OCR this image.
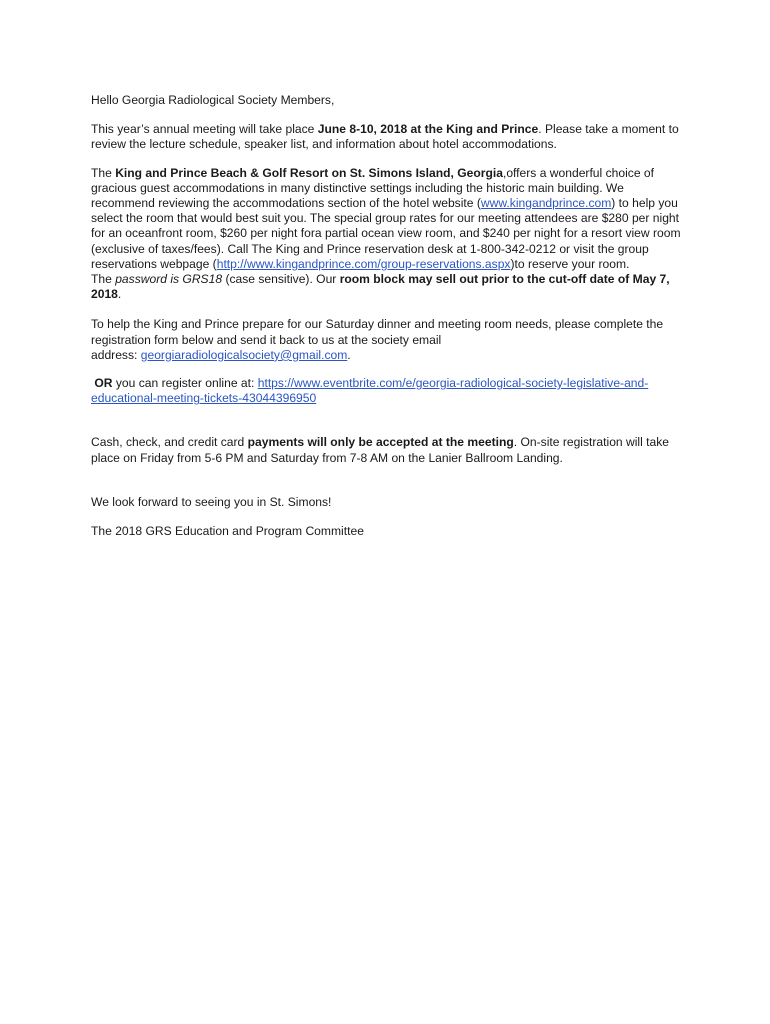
Hello Georgia Radiological Society Members,

This year’s annual meeting will take place June 8-10, 2018 at the King and Prince. Please take a moment to review the lecture schedule, speaker list, and information about hotel accommodations.

The King and Prince Beach & Golf Resort on St. Simons Island, Georgia,offers a wonderful choice of gracious guest accommodations in many distinctive settings including the historic main building. We recommend reviewing the accommodations section of the hotel website (www.kingandprince.com) to help you select the room that would best suit you. The special group rates for our meeting attendees are $280 per night for an oceanfront room, $260 per night fora partial ocean view room, and $240 per night for a resort view room (exclusive of taxes/fees). Call The King and Prince reservation desk at 1-800-342-0212 or visit the group reservations webpage (http://www.kingandprince.com/group-reservations.aspx)to reserve your room.
The password is GRS18 (case sensitive). Our room block may sell out prior to the cut-off date of May 7, 2018.

To help the King and Prince prepare for our Saturday dinner and meeting room needs, please complete the registration form below and send it back to us at the society email
address: georgiaradiologicalsociety@gmail.com.

OR you can register online at: https://www.eventbrite.com/e/georgia-radiological-society-legislative-and-educational-meeting-tickets-43044396950

Cash, check, and credit card payments will only be accepted at the meeting. On-site registration will take place on Friday from 5-6 PM and Saturday from 7-8 AM on the Lanier Ballroom Landing.

We look forward to seeing you in St. Simons!

The 2018 GRS Education and Program Committee
